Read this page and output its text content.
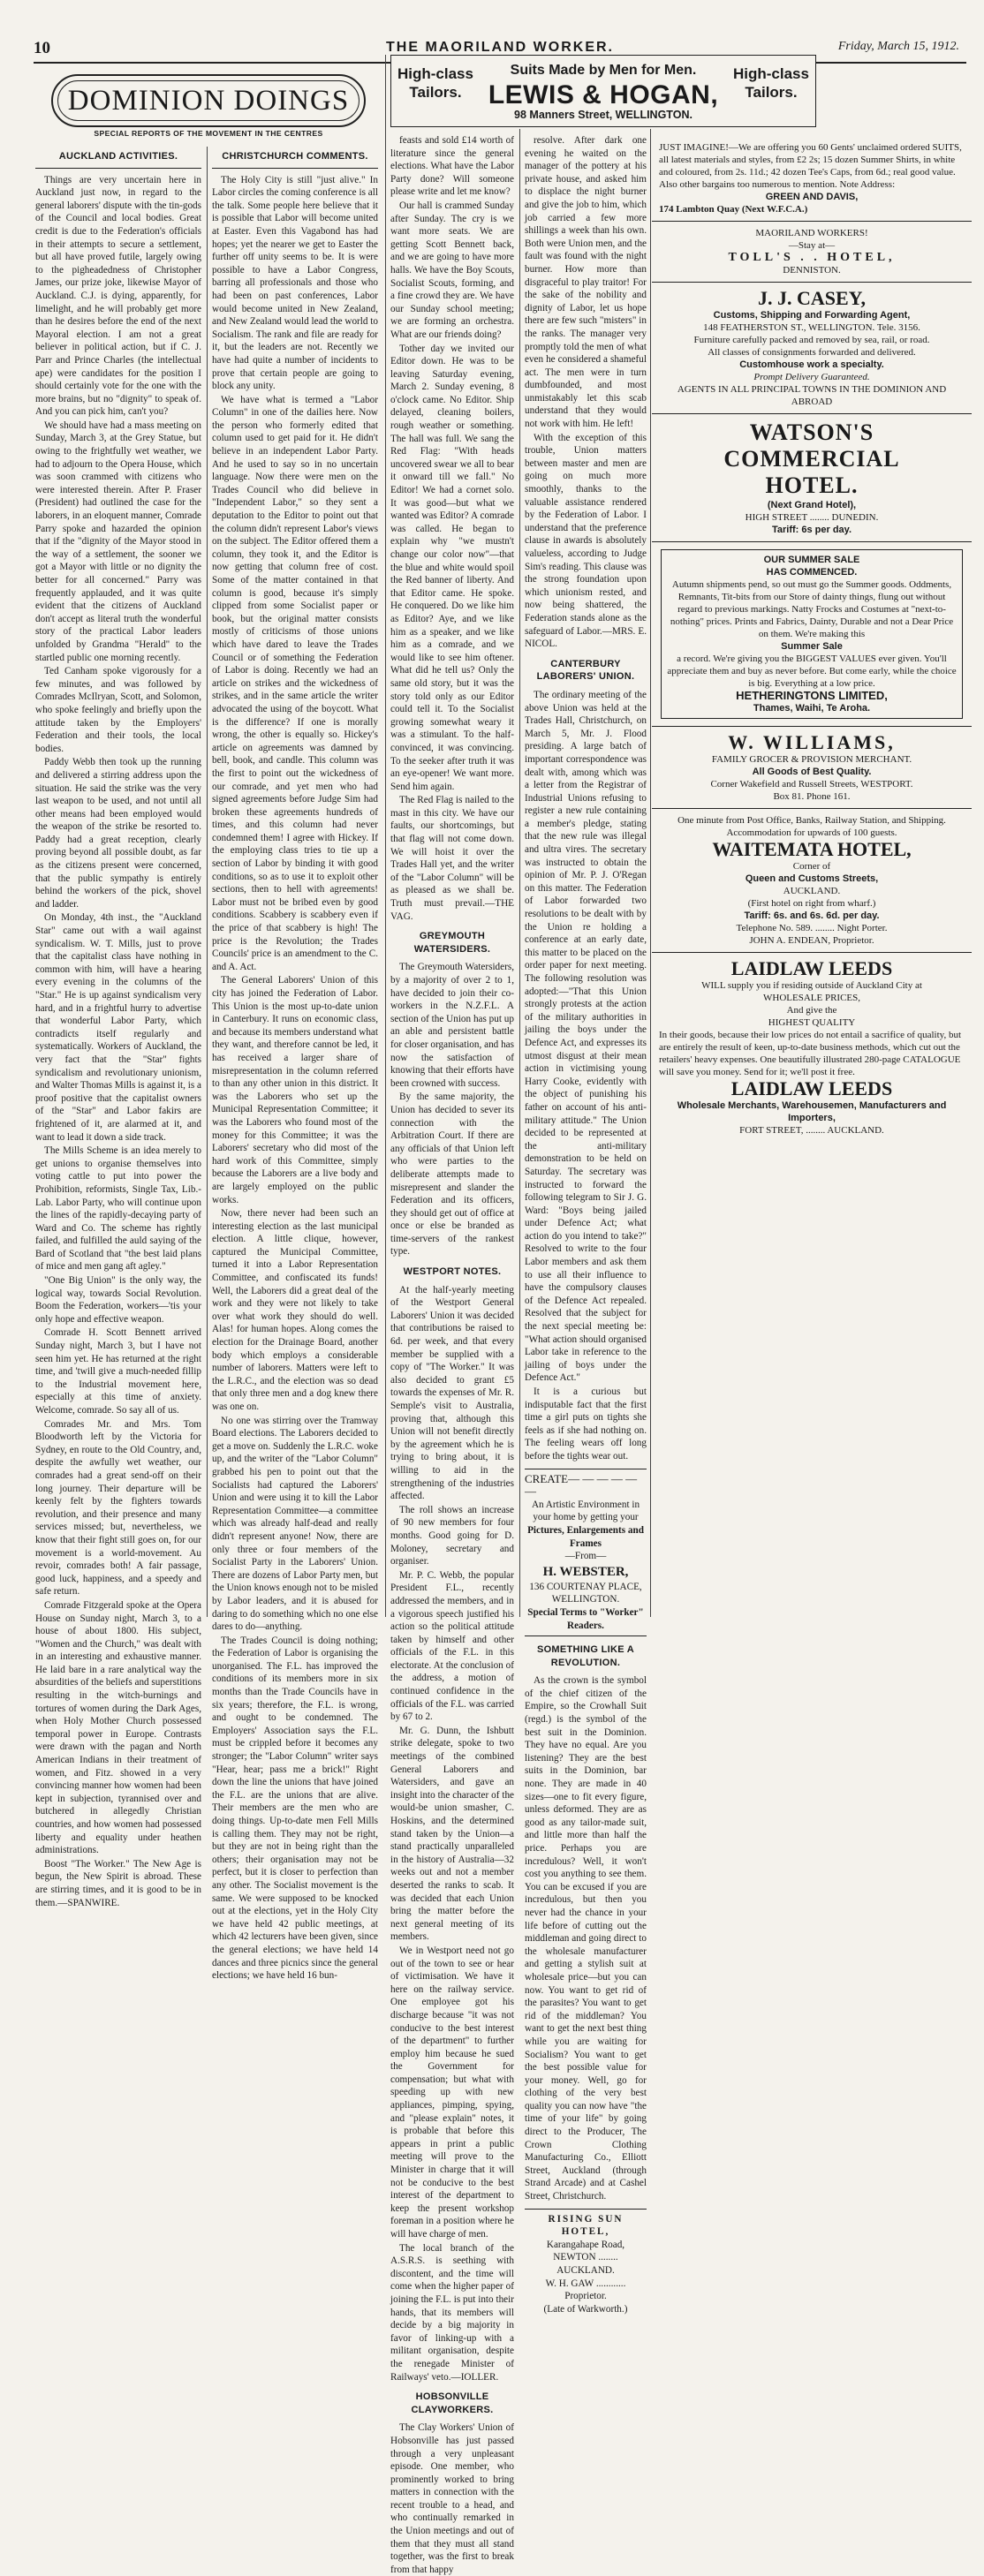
10	THE MAORILAND WORKER.	Friday, March 15, 1912.
DOMINION DOINGS
SPECIAL REPORTS OF THE MOVEMENT IN THE CENTRES
AUCKLAND ACTIVITIES.

Things are very uncertain here in Auckland just now, in regard to the general laborers' dispute with the tin-gods of the Council and local bodies. Great credit is due to the Federation's officials in their attempts to secure a settlement, but all have proved futile, largely owing to the pigheadedness of Christopher James, our prize joke, likewise Mayor of Auckland. C.J. is dying, apparently, for limelight, and he will probably get more than he desires before the end of the next Mayoral election. I am not a great believer in political action, but if C. J. Parr and Prince Charles (the intellectual ape) were candidates for the position I should certainly vote for the one with the more brains, but no "dignity" to speak of. And you can pick him, can't you?

We should have had a mass meeting on Sunday, March 3, at the Grey Statue, but owing to the frightfully wet weather, we had to adjourn to the Opera House, which was soon crammed with citizens who were interested therein. After P. Fraser (President) had outlined the case for the laborers, in an eloquent manner, Comrade Parry spoke and hazarded the opinion that if the "dignity of the Mayor stood in the way of a settlement, the sooner we got a Mayor with little or no dignity the better for all concerned." Parry was frequently applauded, and it was quite evident that the citizens of Auckland don't accept as literal truth the wonderful story of the practical Labor leaders unfolded by Grandma "Herald" to the startled public one morning recently.

Ted Canham spoke vigorously for a few minutes, and was followed by Comrades McIlryan, Scott, and Solomon, who spoke feelingly and briefly upon the attitude taken by the Employers' Federation and their tools, the local bodies.

Paddy Webb then took up the running and delivered a stirring address upon the situation. He said the strike was the very last weapon to be used, and not until all other means had been employed would the weapon of the strike be resorted to. Paddy had a great reception, clearly proving beyond all possible doubt, as far as the citizens present were concerned, that the public sympathy is entirely behind the workers of the pick, shovel and ladder.

On Monday, 4th inst., the "Auckland Star" came out with a wail against syndicalism. W. T. Mills, just to prove that the capitalist class have nothing in common with him, will have a hearing every evening in the columns of the "Star." He is up against syndicalism very hard, and in a frightful hurry to advertise that wonderful Labor Party, which contradicts itself regularly and systematically. Workers of Auckland, the very fact that the "Star" fights syndicalism and revolutionary unionism, and Walter Thomas Mills is against it, is a proof positive that the capitalist owners of the "Star" and Labor fakirs are frightened of it, are alarmed at it, and want to lead it down a side track.

The Mills Scheme is an idea merely to get unions to organise themselves into voting cattle to put into power the Prohibition, reformists, Single Tax, Lib.-Lab. Labor Party, who will continue upon the lines of the rapidly-decaying party of Ward and Co. The scheme has rightly failed, and fulfilled the auld saying of the Bard of Scotland that "the best laid plans of mice and men gang aft agley."

"One Big Union" is the only way, the logical way, towards Social Revolution. Boom the Federation, workers—'tis your only hope and effective weapon.

Comrade H. Scott Bennett arrived Sunday night, March 3, but I have not seen him yet. He has returned at the right time, and 'twill give a much-needed fillip to the Industrial movement here, especially at this time of anxiety. Welcome, comrade. So say all of us.

Comrades Mr. and Mrs. Tom Bloodworth left by the Victoria for Sydney, en route to the Old Country, and, despite the awfully wet weather, our comrades had a great send-off on their long journey. Their departure will be keenly felt by the fighters towards revolution, and their presence and many services missed; but, nevertheless, we know that their fight still goes on, for our movement is a world-movement. Au revoir, comrades both! A fair passage, good luck, happiness, and a speedy and safe return.

Comrade Fitzgerald spoke at the Opera House on Sunday night, March 3, to a house of about 1800. His subject, "Women and the Church," was dealt with in an interesting and exhaustive manner. He laid bare in a rare analytical way the absurdities of the beliefs and superstitions resulting in the witch-burnings and tortures of women during the Dark Ages, when Holy Mother Church possessed temporal power in Europe. Contrasts were drawn with the pagan and North American Indians in their treatment of women, and Fitz. showed in a very convincing manner how women had been kept in subjection, tyrannised over and butchered in allegedly Christian countries, and how women had possessed liberty and equality under heathen administrations.

Boost "The Worker." The New Age is begun, the New Spirit is abroad. These are stirring times, and it is good to be in them.—SPANWIRE.

CHRISTCHURCH COMMENTS.

The Holy City is still "just alive." In Labor circles the coming conference is all the talk. Some people here believe that it is possible that Labor will become united at Easter. Even this Vagabond has had hopes; yet the nearer we get to Easter the further off unity seems to be. It is were possible to have a Labor Congress, barring all professionals and those who had been on past conferences, Labor would become united in New Zealand, and New Zealand would lead the world to Socialism. The rank and file are ready for it, but the leaders are not. Recently we have had quite a number of incidents to prove that certain people are going to block any unity.

We have what is termed a "Labor Column" in one of the dailies here. Now the person who formerly edited that column used to get paid for it. He didn't believe in an independent Labor Party. And he used to say so in no uncertain language. Now there were men on the Trades Council who did believe in "Independent Labor," so they sent a deputation to the Editor to point out that the column didn't represent Labor's views on the subject. The Editor offered them a column, they took it, and the Editor is now getting that column free of cost. Some of the matter contained in that column is good, because it's simply clipped from some Socialist paper or book, but the original matter consists mostly of criticisms of those unions which have dared to leave the Trades Council or of something the Federation of Labor is doing. Recently we had an article on strikes and the wickedness of strikes, and in the same article the writer advocated the using of the boycott. What is the difference? If one is morally wrong, the other is equally so. Hickey's article on agreements was damned by bell, book, and candle. This column was the first to point out the wickedness of our comrade, and yet men who had signed agreements before Judge Sim had broken these agreements hundreds of times, and this column had never condemned them! I agree with Hickey. If the employing class tries to tie up a section of Labor by binding it with good conditions, so as to use it to exploit other sections, then to hell with agreements! Labor must not be bribed even by good conditions. Scabbery is scabbery even if the price of that scabbery is high! The price is the Revolution; the Trades Councils' price is an amendment to the C. and A. Act.

The General Laborers' Union of this city has joined the Federation of Labor. This Union is the most up-to-date union in Canterbury. It runs on economic class, and because its members understand what they want, and therefore cannot be led, it has received a larger share of misrepresentation in the column referred to than any other union in this district. It was the Laborers who set up the Municipal Representation Committee; it was the Laborers who found most of the money for this Committee; it was the Laborers' secretary who did most of the hard work of this Committee, simply because the Laborers are a live body and are largely employed on the public works.

Now, there never had been such an interesting election as the last municipal election. A little clique, however, captured the Municipal Committee, turned it into a Labor Representation Committee, and confiscated its funds! Well, the Laborers did a great deal of the work and they were not likely to take over what work they should do well. Alas! for human hopes. Along comes the election for the Drainage Board, another body which employs a considerable number of laborers. Matters were left to the L.R.C., and the election was so dead that only three men and a dog knew there was one on.

No one was stirring over the Tramway Board elections. The Laborers decided to get a move on. Suddenly the L.R.C. woke up, and the writer of the "Labor Column" grabbed his pen to point out that the Socialists had captured the Laborers' Union and were using it to kill the Labor Representation Committee—a committee which was already half-dead and really didn't represent anyone! Now, there are only three or four members of the Socialist Party in the Laborers' Union. There are dozens of Labor Party men, but the Union knows enough not to be misled by Labor leaders, and it is abused for daring to do something which no one else dares to do—anything.

The Trades Council is doing nothing; the Federation of Labor is organising the unorganised. The F.L. has improved the conditions of its members more in six months than the Trade Councils have in six years; therefore, the F.L. is wrong, and ought to be condemned. The Employers' Association says the F.L. must be crippled before it becomes any stronger; the "Labor Column" writer says "Hear, hear; pass me a brick!" Right down the line the unions that have joined the F.L. are the unions that are alive. Their members are the men who are doing things. Up-to-date men Fell Mills is calling them. They may not be right, but they are not in being right than the others; their organisation may not be perfect, but it is closer to perfection than any other. The Socialist movement is the same. We were supposed to be knocked out at the elections, yet in the Holy City we have held 42 public meetings, at which 42 lecturers have been given, since the general elections; we have held 14 dances and three picnics since the general elections; we have held 16 bun-

High-class Tailors.
High-class Tailors.
Suits Made by Men for Men.
LEWIS & HOGAN,
98 Manners Street, WELLINGTON.

feasts and sold £14 worth of literature since the general elections. What have the Labor Party done? Will someone please write and let me know?

Our hall is crammed Sunday after Sunday. The cry is we want more seats. We are getting Scott Bennett back, and we are going to have more halls. We have the Boy Scouts, Socialist Scouts, forming, and a fine crowd they are. We have our Sunday school meeting; we are forming an orchestra. What are our friends doing?

Tother day we invited our Editor down. He was to be leaving Saturday evening, March 2. Sunday evening, 8 o'clock came. No Editor. Ship delayed, cleaning boilers, rough weather or something. The hall was full. We sang the Red Flag: "With heads uncovered swear we all to bear it onward till we fall." No Editor! We had a cornet solo. It was good—but what we wanted was Editor? A comrade was called. He began to explain why "we mustn't change our color now"—that the blue and white would spoil the Red banner of liberty. And that Editor came. He spoke. He conquered. Do we like him as Editor? Aye, and we like him as a speaker, and we like him as a comrade, and we would like to see him oftener. What did he tell us? Only the same old story, but it was the story told only as our Editor could tell it. To the Socialist growing somewhat weary it was a stimulant. To the half-convinced, it was convincing. To the seeker after truth it was an eye-opener! We want more. Send him again.

The Red Flag is nailed to the mast in this city. We have our faults, our shortcomings, but that flag will not come down. We will hoist it over the Trades Hall yet, and the writer of the "Labor Column" will be as pleased as we shall be. Truth must prevail.—THE VAG.

GREYMOUTH WATERSIDERS.

The Greymouth Watersiders, by a majority of over 2 to 1, have decided to join their co-workers in the N.Z.F.L. A section of the Union has put up an able and persistent battle for closer organisation, and has now the satisfaction of knowing that their efforts have been crowned with success.

By the same majority, the Union has decided to sever its connection with the Arbitration Court. If there are any officials of that Union left who were parties to the deliberate attempts made to misrepresent and slander the Federation and its officers, they should get out of office at once or else be branded as time-servers of the rankest type.

WESTPORT NOTES.

At the half-yearly meeting of the Westport General Laborers' Union it was decided that contributions be raised to 6d. per week, and that every member be supplied with a copy of "The Worker." It was also decided to grant £5 towards the expenses of Mr. R. Semple's visit to Australia, proving that, although this Union will not benefit directly by the agreement which he is trying to bring about, it is willing to aid in the strengthening of the industries affected.

The roll shows an increase of 90 new members for four months. Good going for D. Moloney, secretary and organiser.

Mr. P. C. Webb, the popular President F.L., recently addressed the members, and in a vigorous speech justified his action so the political attitude taken by himself and other officials of the F.L. in this electorate. At the conclusion of the address, a motion of continued confidence in the officials of the F.L. was carried by 67 to 2.

Mr. G. Dunn, the Ishbutt strike delegate, spoke to two meetings of the combined General Laborers and Watersiders, and gave an insight into the character of the would-be union smasher, C. Hoskins, and the determined stand taken by the Union—a stand practically unparalleled in the history of Australia—32 weeks out and not a member deserted the ranks to scab. It was decided that each Union bring the matter before the next general meeting of its members.

We in Westport need not go out of the town to see or hear of victimisation. We have it here on the railway service. One employee got his discharge because "it was not conducive to the best interest of the department" to further employ him because he sued the Government for compensation; but what with speeding up with new appliances, pimping, spying, and "please explain" notes, it is probable that before this appears in print a public meeting will prove to the Minister in charge that it will not be conducive to the best interest of the department to keep the present workshop foreman in a position where he will have charge of men.

The local branch of the A.S.R.S. is seething with discontent, and the time will come when the higher paper of joining the F.L. is put into their hands, that its members will decide by a big majority in favor of linking-up with a militant organisation, despite the renegade Minister of Railways' veto.—IOLLER.

HOBSONVILLE CLAYWORKERS.

The Clay Workers' Union of Hobsonville has just passed through a very unpleasant episode. One member, who prominently worked to bring matters in connection with the recent trouble to a head, and who continually remarked in the Union meetings and out of them that they must all stand together, was the first to break from that happy

resolve. After dark one evening he waited on the manager of the pottery at his private house, and asked him to displace the night burner and give the job to him, which job carried a few more shillings a week than his own. Both were Union men, and the fault was found with the night burner. How more than disgraceful to play traitor! For the sake of the nobility and dignity of Labor, let us hope there are few such "misters" in the ranks. The manager very promptly told the men of what even he considered a shameful act. The men were in turn dumbfounded, and most unmistakably let this scab understand that they would not work with him. He left!

With the exception of this trouble, Union matters between master and men are going on much more smoothly, thanks to the valuable assistance rendered by the Federation of Labor. I understand that the preference clause in awards is absolutely valueless, according to Judge Sim's reading. This clause was the strong foundation upon which unionism rested, and now being shattered, the Federation stands alone as the safeguard of Labor.—MRS. E. NICOL.

CANTERBURY LABORERS' UNION.

The ordinary meeting of the above Union was held at the Trades Hall, Christchurch, on March 5, Mr. J. Flood presiding. A large batch of important correspondence was dealt with, among which was a letter from the Registrar of Industrial Unions refusing to register a new rule containing a member's pledge, stating that the new rule was illegal and ultra vires. The secretary was instructed to obtain the opinion of Mr. P. J. O'Regan on this matter. The Federation of Labor forwarded two resolutions to be dealt with by the Union re holding a conference at an early date, this matter to be placed on the order paper for next meeting. The following resolution was adopted:—"That this Union strongly protests at the action of the military authorities in jailing the boys under the Defence Act, and expresses its utmost disgust at their mean action in victimising young Harry Cooke, evidently with the object of punishing his father on account of his anti-military attitude." The Union decided to be represented at the anti-military demonstration to be held on Saturday. The secretary was instructed to forward the following telegram to Sir J. G. Ward: "Boys being jailed under Defence Act; what action do you intend to take?" Resolved to write to the four Labor members and ask them to use all their influence to have the compulsory clauses of the Defence Act repealed. Resolved that the subject for the next special meeting be: "What action should organised Labor take in reference to the jailing of boys under the Defence Act."

It is a curious but indisputable fact that the first time a girl puts on tights she feels as if she had nothing on. The feeling wears off long before the tights wear out.

CREATE— — — — — —
An Artistic Environment in
your home by getting your
Pictures, Enlargements and Frames
—From—
H. WEBSTER,
136 COURTENAY PLACE,
WELLINGTON.
Special Terms to "Worker" Readers.
SOMETHING LIKE A REVOLUTION.

As the crown is the symbol of the chief citizen of the Empire, so the Crowhall Suit (regd.) is the symbol of the best suit in the Dominion. They have no equal. Are you listening? They are the best suits in the Dominion, bar none. They are made in 40 sizes—one to fit every figure, unless deformed. They are as good as any tailor-made suit, and little more than half the price. Perhaps you are incredulous? Well, it won't cost you anything to see them. You can be excused if you are incredulous, but then you never had the chance in your life before of cutting out the middleman and going direct to the wholesale manufacturer and getting a stylish suit at wholesale price—but you can now. You want to get rid of the parasites? You want to get rid of the middleman? You want to get the next best thing while you are waiting for Socialism? You want to get the best possible value for your money. Well, go for clothing of the very best quality you can now have "the time of your life" by going direct to the Producer, The Crown Clothing Manufacturing Co., Elliott Street, Auckland (through Strand Arcade) and at Cashel Street, Christchurch.

RISING SUN HOTEL,
Karangahape Road,
NEWTON ........ AUCKLAND.
W. H. GAW ............ Proprietor.
(Late of Warkworth.)
JUST IMAGINE!—We are offering you 60 Gents' unclaimed ordered SUITS, all latest materials and styles, from £2 2s; 15 dozen Summer Shirts, in white and coloured, from 2s. 11d.; 42 dozen Tee's Caps, from 6d.; real good value. Also other bargains too numerous to mention. Note Address:
GREEN AND DAVIS,
174 Lambton Quay (Next W.F.C.A.)
MAORILAND WORKERS!
—Stay at—
TOLL'S . . HOTEL,
DENNISTON.
J. J. CASEY,
Customs, Shipping and Forwarding Agent,
148 FEATHERSTON ST., WELLINGTON. Tele. 3156.
Furniture carefully packed and removed by sea, rail, or road.
All classes of consignments forwarded and delivered.
Customhouse work a specialty.
Prompt Delivery Guaranteed.
AGENTS IN ALL PRINCIPAL TOWNS IN THE DOMINION AND ABROAD
WATSON'S
COMMERCIAL
HOTEL.
(Next Grand Hotel),
HIGH STREET ........ DUNEDIN.
Tariff: 6s per day.
OUR SUMMER SALE
HAS COMMENCED.
Autumn shipments pend, so out must go the Summer goods. Oddments, Remnants, Tit-bits from our Store of dainty things, flung out without regard to previous markings. Natty Frocks and Costumes at "next-to-nothing" prices. Prints and Fabrics, Dainty, Durable and not a Dear Price on them. We're making this
Summer Sale
a record. We're giving you the BIGGEST VALUES ever given. You'll appreciate them and buy as never before. But come early, while the choice is big. Everything at a low price.
HETHERINGTONS LIMITED,
Thames, Waihi, Te Aroha.
W. WILLIAMS,
FAMILY GROCER & PROVISION MERCHANT.
All Goods of Best Quality.
Corner Wakefield and Russell Streets, WESTPORT.
Box 81. Phone 161.
One minute from Post Office, Banks, Railway Station, and Shipping. Accommodation for upwards of 100 guests.
WAITEMATA HOTEL,
Corner of
Queen and Customs Streets,
AUCKLAND.
(First hotel on right from wharf.)
Tariff: 6s. and 6s. 6d. per day.
Telephone No. 589. ........ Night Porter.
JOHN A. ENDEAN, Proprietor.
LAIDLAW LEEDS
WILL supply you if residing outside of Auckland City at
WHOLESALE PRICES,
And give the
HIGHEST QUALITY
In their goods, because their low prices do not entail a sacrifice of quality, but are entirely the result of keen, up-to-date business methods, which cut out the retailers' heavy expenses. One beautifully illustrated 280-page CATALOGUE will save you money. Send for it; we'll post it free.
LAIDLAW LEEDS
Wholesale Merchants, Warehousemen, Manufacturers and Importers,
FORT STREET, ........ AUCKLAND.
